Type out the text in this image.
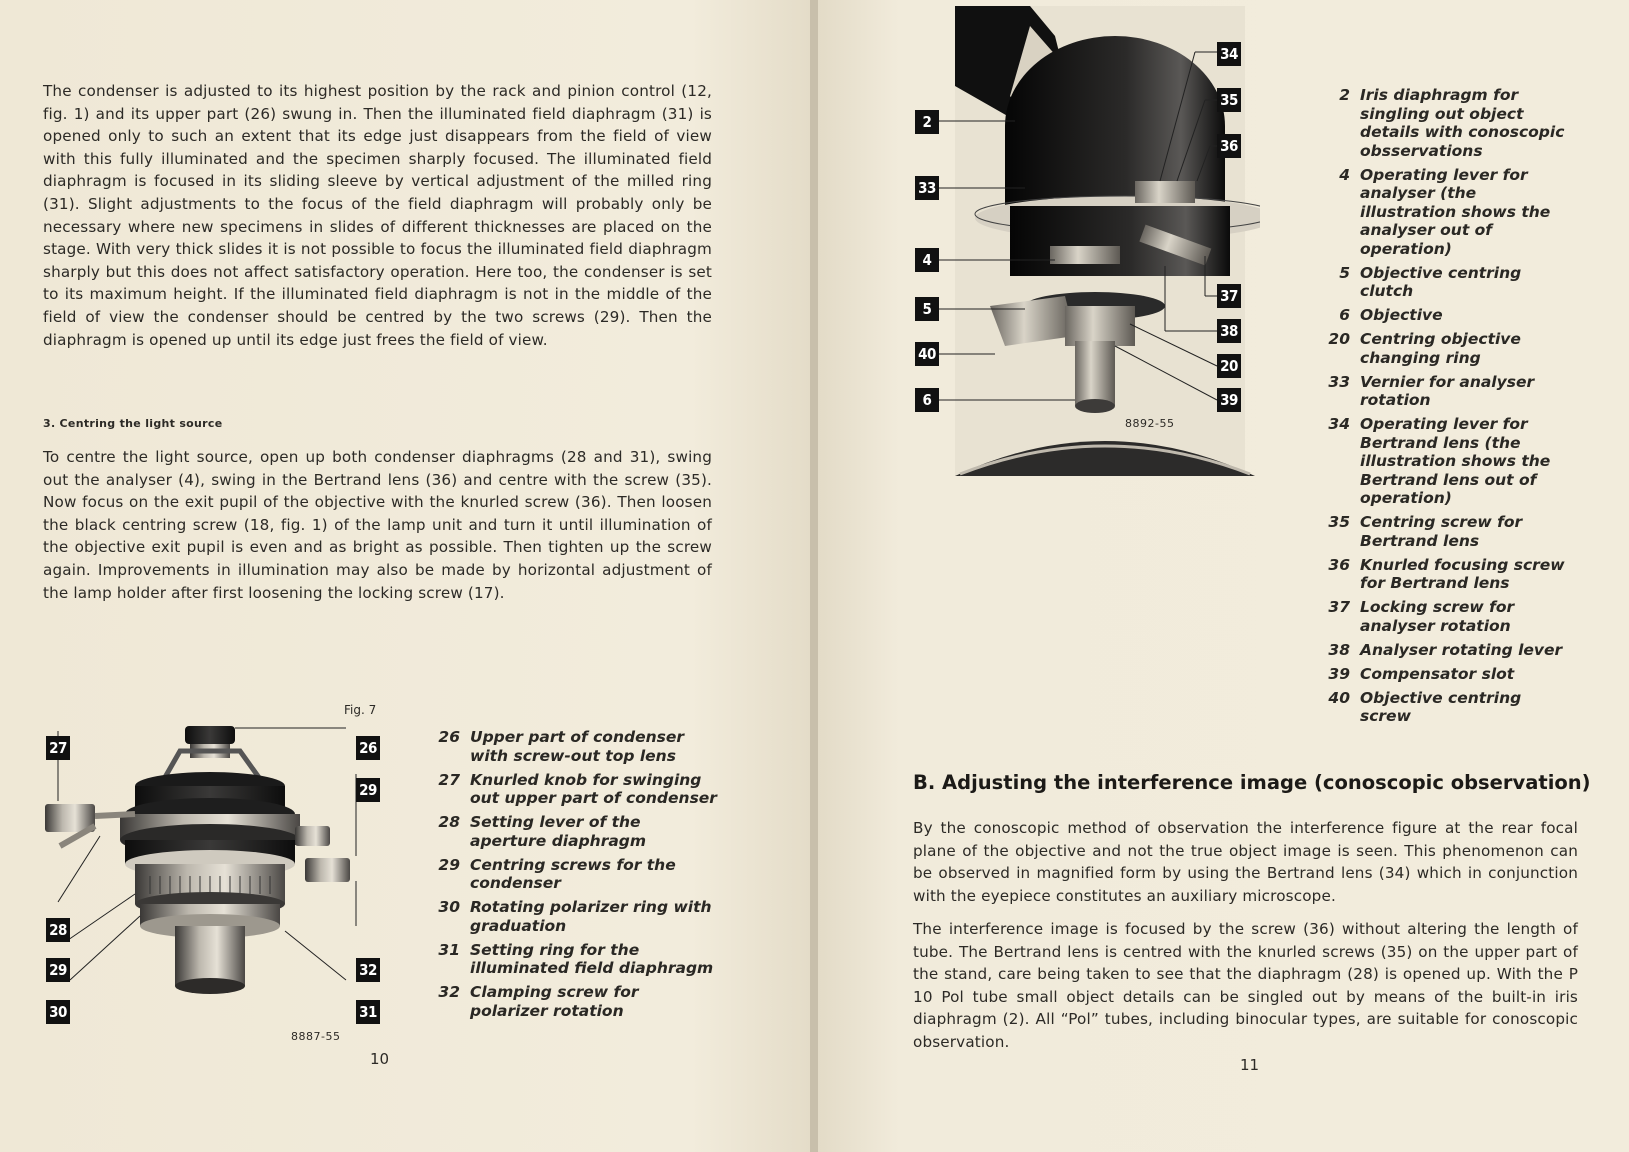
The condenser is adjusted to its highest position by the rack and pinion control (12, fig. 1) and its upper part (26) swung in. Then the illuminated field diaphragm (31) is opened only to such an extent that its edge just disappears from the field of view with this fully illuminated and the specimen sharply focused. The illuminated field diaphragm is focused in its sliding sleeve by vertical adjustment of the milled ring (31). Slight adjustments to the focus of the field diaphragm will probably only be necessary where new specimens in slides of different thicknesses are placed on the stage. With very thick slides it is not possible to focus the illuminated field diaphragm sharply but this does not affect satisfactory operation. Here too, the condenser is set to its maximum height. If the illuminated field diaphragm is not in the middle of the field of view the condenser should be centred by the two screws (29). Then the diaphragm is opened up until its edge just frees the field of view.

3. Centring the light source

To centre the light source, open up both condenser diaphragms (28 and 31), swing out the analyser (4), swing in the Bertrand lens (36) and centre with the screw (35). Now focus on the exit pupil of the objective with the knurled screw (36). Then loosen the black centring screw (18, fig. 1) of the lamp unit and turn it until illumination of the objective exit pupil is even and as bright as possible. Then tighten up the screw again. Improvements in illumination may also be made by horizontal adjustment of the lamp holder after first loosening the locking screw (17).

Fig. 7
27	26
29
28
29	32
30	31
8887-55
26 Upper part of condenser with screw-out top lens
27 Knurled knob for swinging out upper part of condenser
28 Setting lever of the aperture diaphragm
29 Centring screws for the condenser
30 Rotating polarizer ring with graduation
31 Setting ring for the illuminated field diaphragm
32 Clamping screw for polarizer rotation
10
2
33
4
5
40
6
34
35
36
37
38
20
39
8892-55
2 Iris diaphragm for singling out object details with conoscopic obsservations
4 Operating lever for analyser (the illustration shows the analyser out of operation)
5 Objective centring clutch
6 Objective
20 Centring objective changing ring
33 Vernier for analyser rotation
34 Operating lever for Bertrand lens (the illustration shows the Bertrand lens out of operation)
35 Centring screw for Bertrand lens
36 Knurled focusing screw for Bertrand lens
37 Locking screw for analyser rotation
38 Analyser rotating lever
39 Compensator slot
40 Objective centring screw
B. Adjusting the interference image (conoscopic observation)

By the conoscopic method of observation the interference figure at the rear focal plane of the objective and not the true object image is seen. This phenomenon can be observed in magnified form by using the Bertrand lens (34) which in conjunction with the eyepiece constitutes an auxiliary microscope.

The interference image is focused by the screw (36) without altering the length of tube. The Bertrand lens is centred with the knurled screws (35) on the upper part of the stand, care being taken to see that the diaphragm (28) is opened up. With the P 10 Pol tube small object details can be singled out by means of the built-in iris diaphragm (2). All “Pol” tubes, including binocular types, are suitable for conoscopic observation.

11
